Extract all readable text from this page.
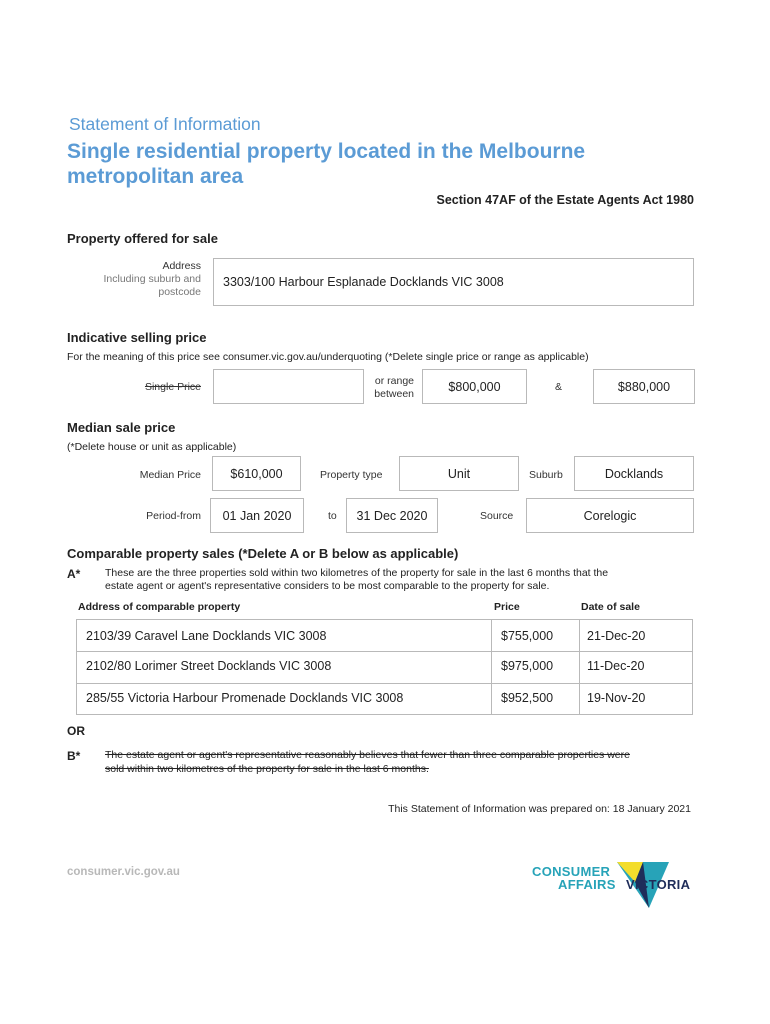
Statement of Information
Single residential property located in the Melbourne
metropolitan area
Section 47AF of the Estate Agents Act 1980
Property offered for sale
Address
Including suburb and
postcode
3303/100 Harbour Esplanade Docklands VIC 3008
Indicative selling price
For the meaning of this price see consumer.vic.gov.au/underquoting (*Delete single price or range as applicable)
Single Price	or range
between
$800,000	&	$880,000
Median sale price
(*Delete house or unit as applicable)
Median Price $610,000	Property type	Unit	Suburb	Docklands
Period-from 01 Jan 2020	to 31 Dec 2020	Source	Corelogic
Comparable property sales (*Delete A or B below as applicable)
A* These are the three properties sold within two kilometres of the property for sale in the last 6 months that the
estate agent or agent's representative considers to be most comparable to the property for sale.
Address of comparable property	Price	Date of sale
2103/39 Caravel Lane Docklands VIC 3008	$755,000	21-Dec-20
2102/80 Lorimer Street Docklands VIC 3008	$975,000	11-Dec-20
285/55 Victoria Harbour Promenade Docklands VIC 3008	$952,500	19-Nov-20
OR
B* The estate agent or agent's representative reasonably believes that fewer than three comparable properties were
sold within two kilometres of the property for sale in the last 6 months.
This Statement of Information was prepared on: 18 January 2021
consumer.vic.gov.au	CONSUMER
AFFAIRS VICTORIA
